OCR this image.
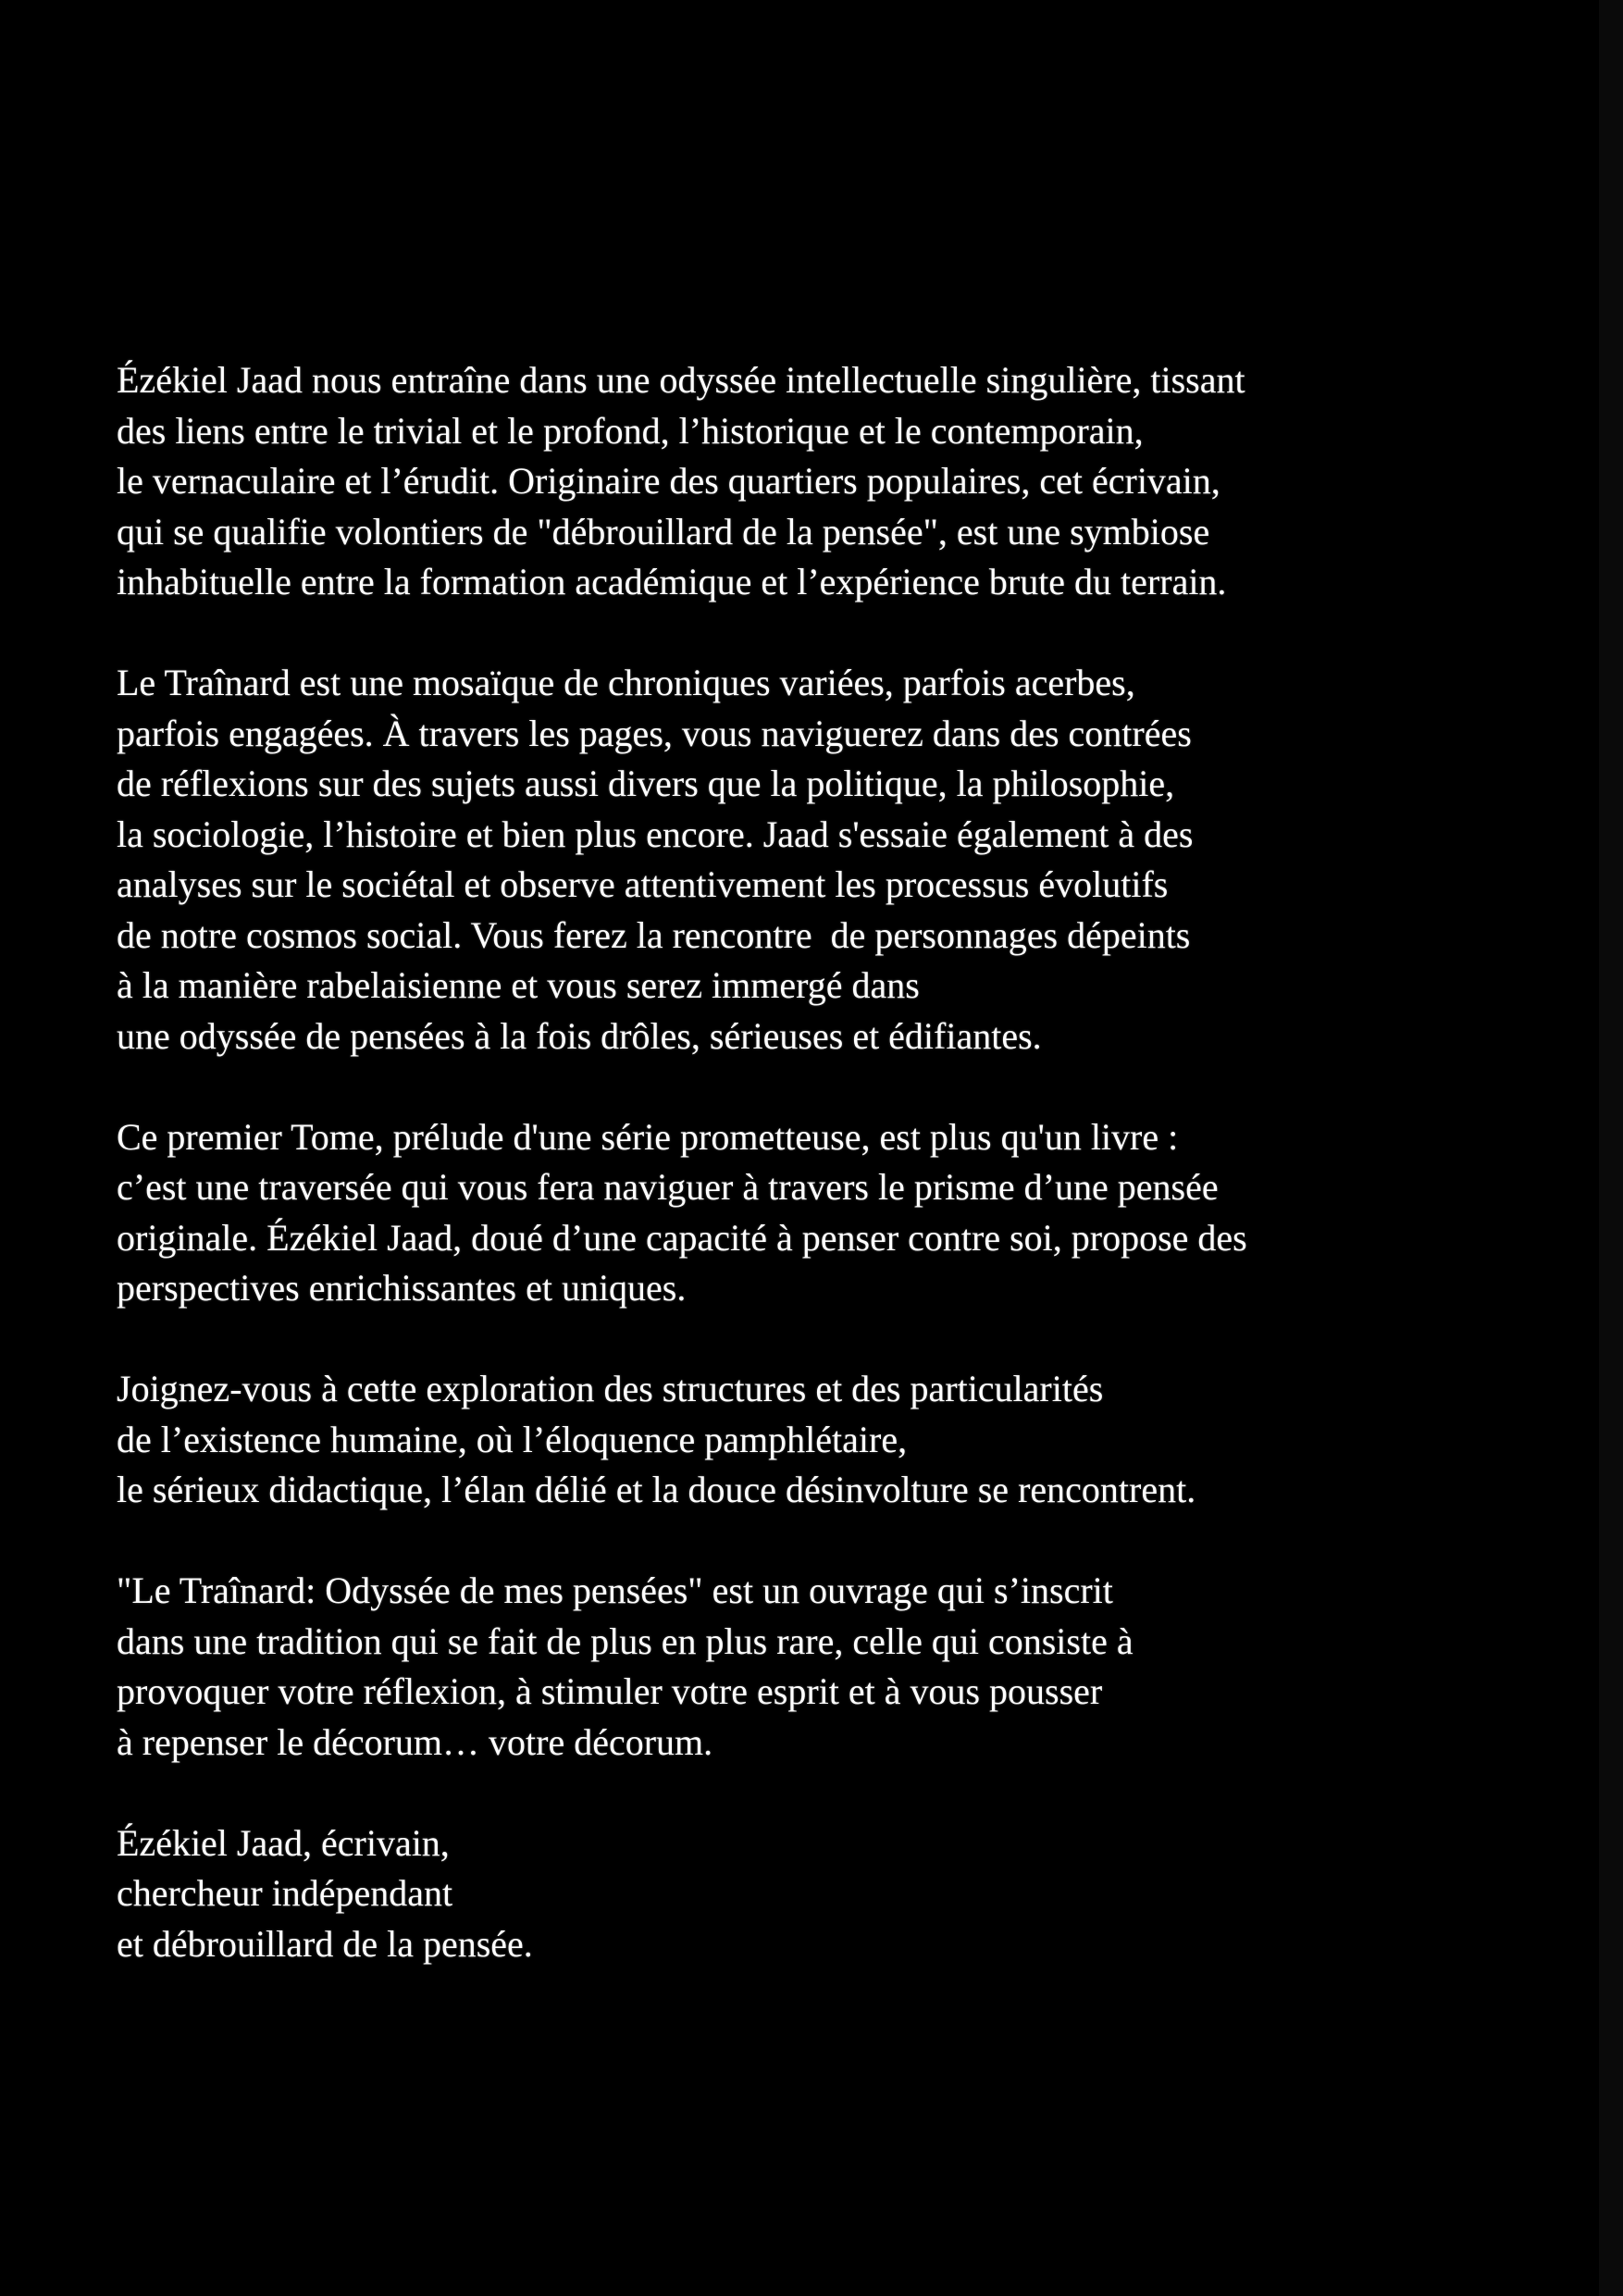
Ézékiel Jaad nous entraîne dans une odyssée intellectuelle singulière, tissant
des liens entre le trivial et le profond, l’historique et le contemporain,
le vernaculaire et l’érudit. Originaire des quartiers populaires, cet écrivain,
qui se qualifie volontiers de "débrouillard de la pensée", est une symbiose
inhabituelle entre la formation académique et l’expérience brute du terrain.

Le Traînard est une mosaïque de chroniques variées, parfois acerbes,
parfois engagées. À travers les pages, vous naviguerez dans des contrées
de réflexions sur des sujets aussi divers que la politique, la philosophie,
la sociologie, l’histoire et bien plus encore. Jaad s'essaie également à des
analyses sur le sociétal et observe attentivement les processus évolutifs
de notre cosmos social. Vous ferez la rencontre  de personnages dépeints
à la manière rabelaisienne et vous serez immergé dans
une odyssée de pensées à la fois drôles, sérieuses et édifiantes.

Ce premier Tome, prélude d'une série prometteuse, est plus qu'un livre :
c’est une traversée qui vous fera naviguer à travers le prisme d’une pensée
originale. Ézékiel Jaad, doué d’une capacité à penser contre soi, propose des
perspectives enrichissantes et uniques.

Joignez-vous à cette exploration des structures et des particularités
de l’existence humaine, où l’éloquence pamphlétaire,
le sérieux didactique, l’élan délié et la douce désinvolture se rencontrent.

"Le Traînard: Odyssée de mes pensées" est un ouvrage qui s’inscrit
dans une tradition qui se fait de plus en plus rare, celle qui consiste à
provoquer votre réflexion, à stimuler votre esprit et à vous pousser
à repenser le décorum… votre décorum.

Ézékiel Jaad, écrivain,
chercheur indépendant
et débrouillard de la pensée.
